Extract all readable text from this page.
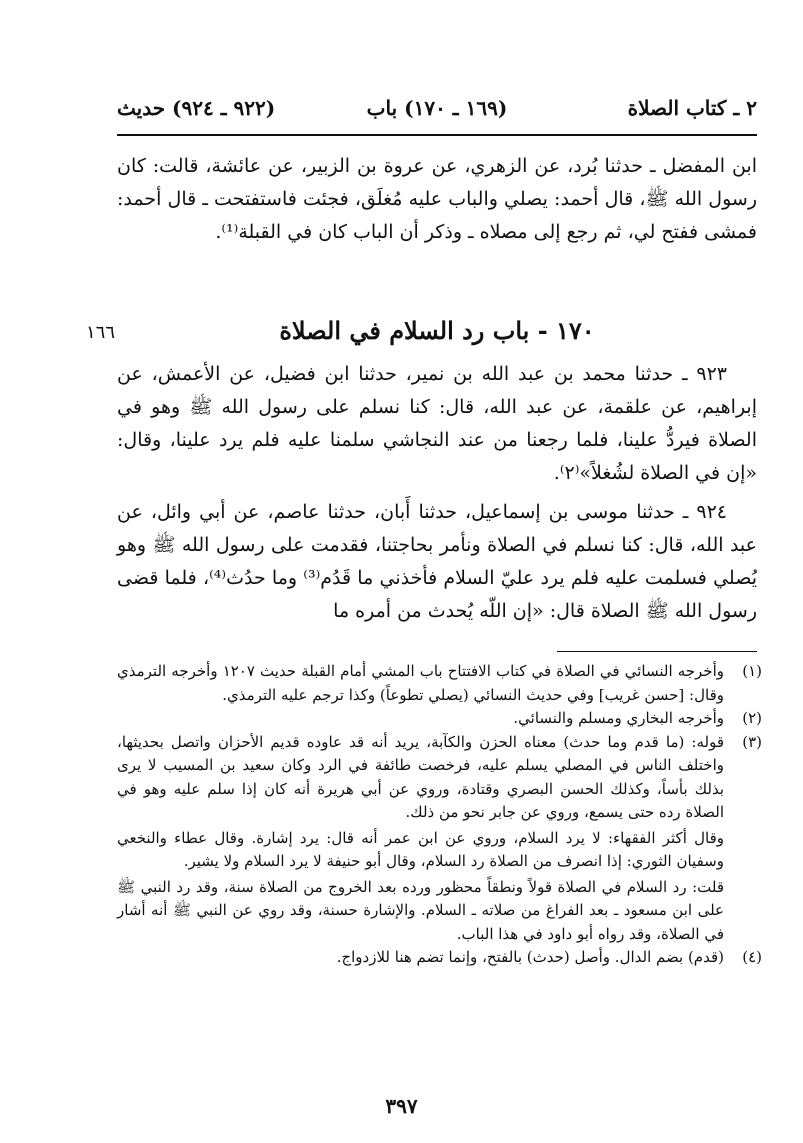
٢ ـ كتاب الصلاة
(١٦٩ ـ ١٧٠) باب
(٩٢٢ ـ ٩٢٤) حديث

ابن المفضل ـ حدثنا بُرد، عن الزهري، عن عروة بن الزبير، عن عائشة، قالت: كان رسول الله ﷺ، قال أحمد: يصلي والباب عليه مُغلَق، فجئت فاستفتحت ـ قال أحمد: فمشى ففتح لي، ثم رجع إلى مصلاه ـ وذكر أن الباب كان في القبلة⁽¹⁾.

١٧٠ - باب رد السلام في الصلاة
١٦٦

٩٢٣ ـ حدثنا محمد بن عبد الله بن نمير، حدثنا ابن فضيل، عن الأعمش، عن إبراهيم، عن علقمة، عن عبد الله، قال: كنا نسلم على رسول الله ﷺ وهو في الصلاة فيردُّ علينا، فلما رجعنا من عند النجاشي سلمنا عليه فلم يرد علينا، وقال: «إن في الصلاة لشُغلاً»⁽٢⁾.

٩٢٤ ـ حدثنا موسى بن إسماعيل، حدثنا أَبان، حدثنا عاصم، عن أبي وائل، عن عبد الله، قال: كنا نسلم في الصلاة ونأمر بحاجتنا، فقدمت على رسول الله ﷺ وهو يُصلي فسلمت عليه فلم يرد عليّ السلام فأخذني ما قَدُم⁽³⁾ وما حدُث⁽⁴⁾، فلما قضى رسول الله ﷺ الصلاة قال: «إن اللّه يُحدث من أمره ما

(١)

وأخرجه النسائي في الصلاة في كتاب الافتتاح باب المشي أمام القبلة حديث ١٢٠٧ وأخرجه الترمذي وقال: [حسن غريب] وفي حديث النسائي (يصلي تطوعاً) وكذا ترجم عليه الترمذي.

(٢)

وأخرجه البخاري ومسلم والنسائي.

(٣)

قوله: (ما قدم وما حدث) معناه الحزن والكآبة، يريد أنه قد عاوده قديم الأحزان واتصل بحديثها، واختلف الناس في المصلي يسلم عليه، فرخصت طائفة في الرد وكان سعيد بن المسيب لا يرى بذلك بأساً، وكذلك الحسن البصري وقتادة، وروي عن أبي هريرة أنه كان إذا سلم عليه وهو في الصلاة رده حتى يسمع، وروي عن جابر نحو من ذلك.

وقال أكثر الفقهاء: لا يرد السلام، وروي عن ابن عمر أنه قال: يرد إشارة. وقال عطاء والنخعي وسفيان الثوري: إذا انصرف من الصلاة رد السلام، وقال أبو حنيفة لا يرد السلام ولا يشير.

قلت: رد السلام في الصلاة قولاً ونطقاً محظور ورده بعد الخروج من الصلاة سنة، وقد رد النبي ﷺ على ابن مسعود ـ بعد الفراغ من صلاته ـ السلام. والإشارة حسنة، وقد روي عن النبي ﷺ أنه أشار في الصلاة، وقد رواه أبو داود في هذا الباب.

(٤)

(قدم) بضم الدال. وأصل (حدث) بالفتح، وإنما تضم هنا للازدواج.

٣٩٧
